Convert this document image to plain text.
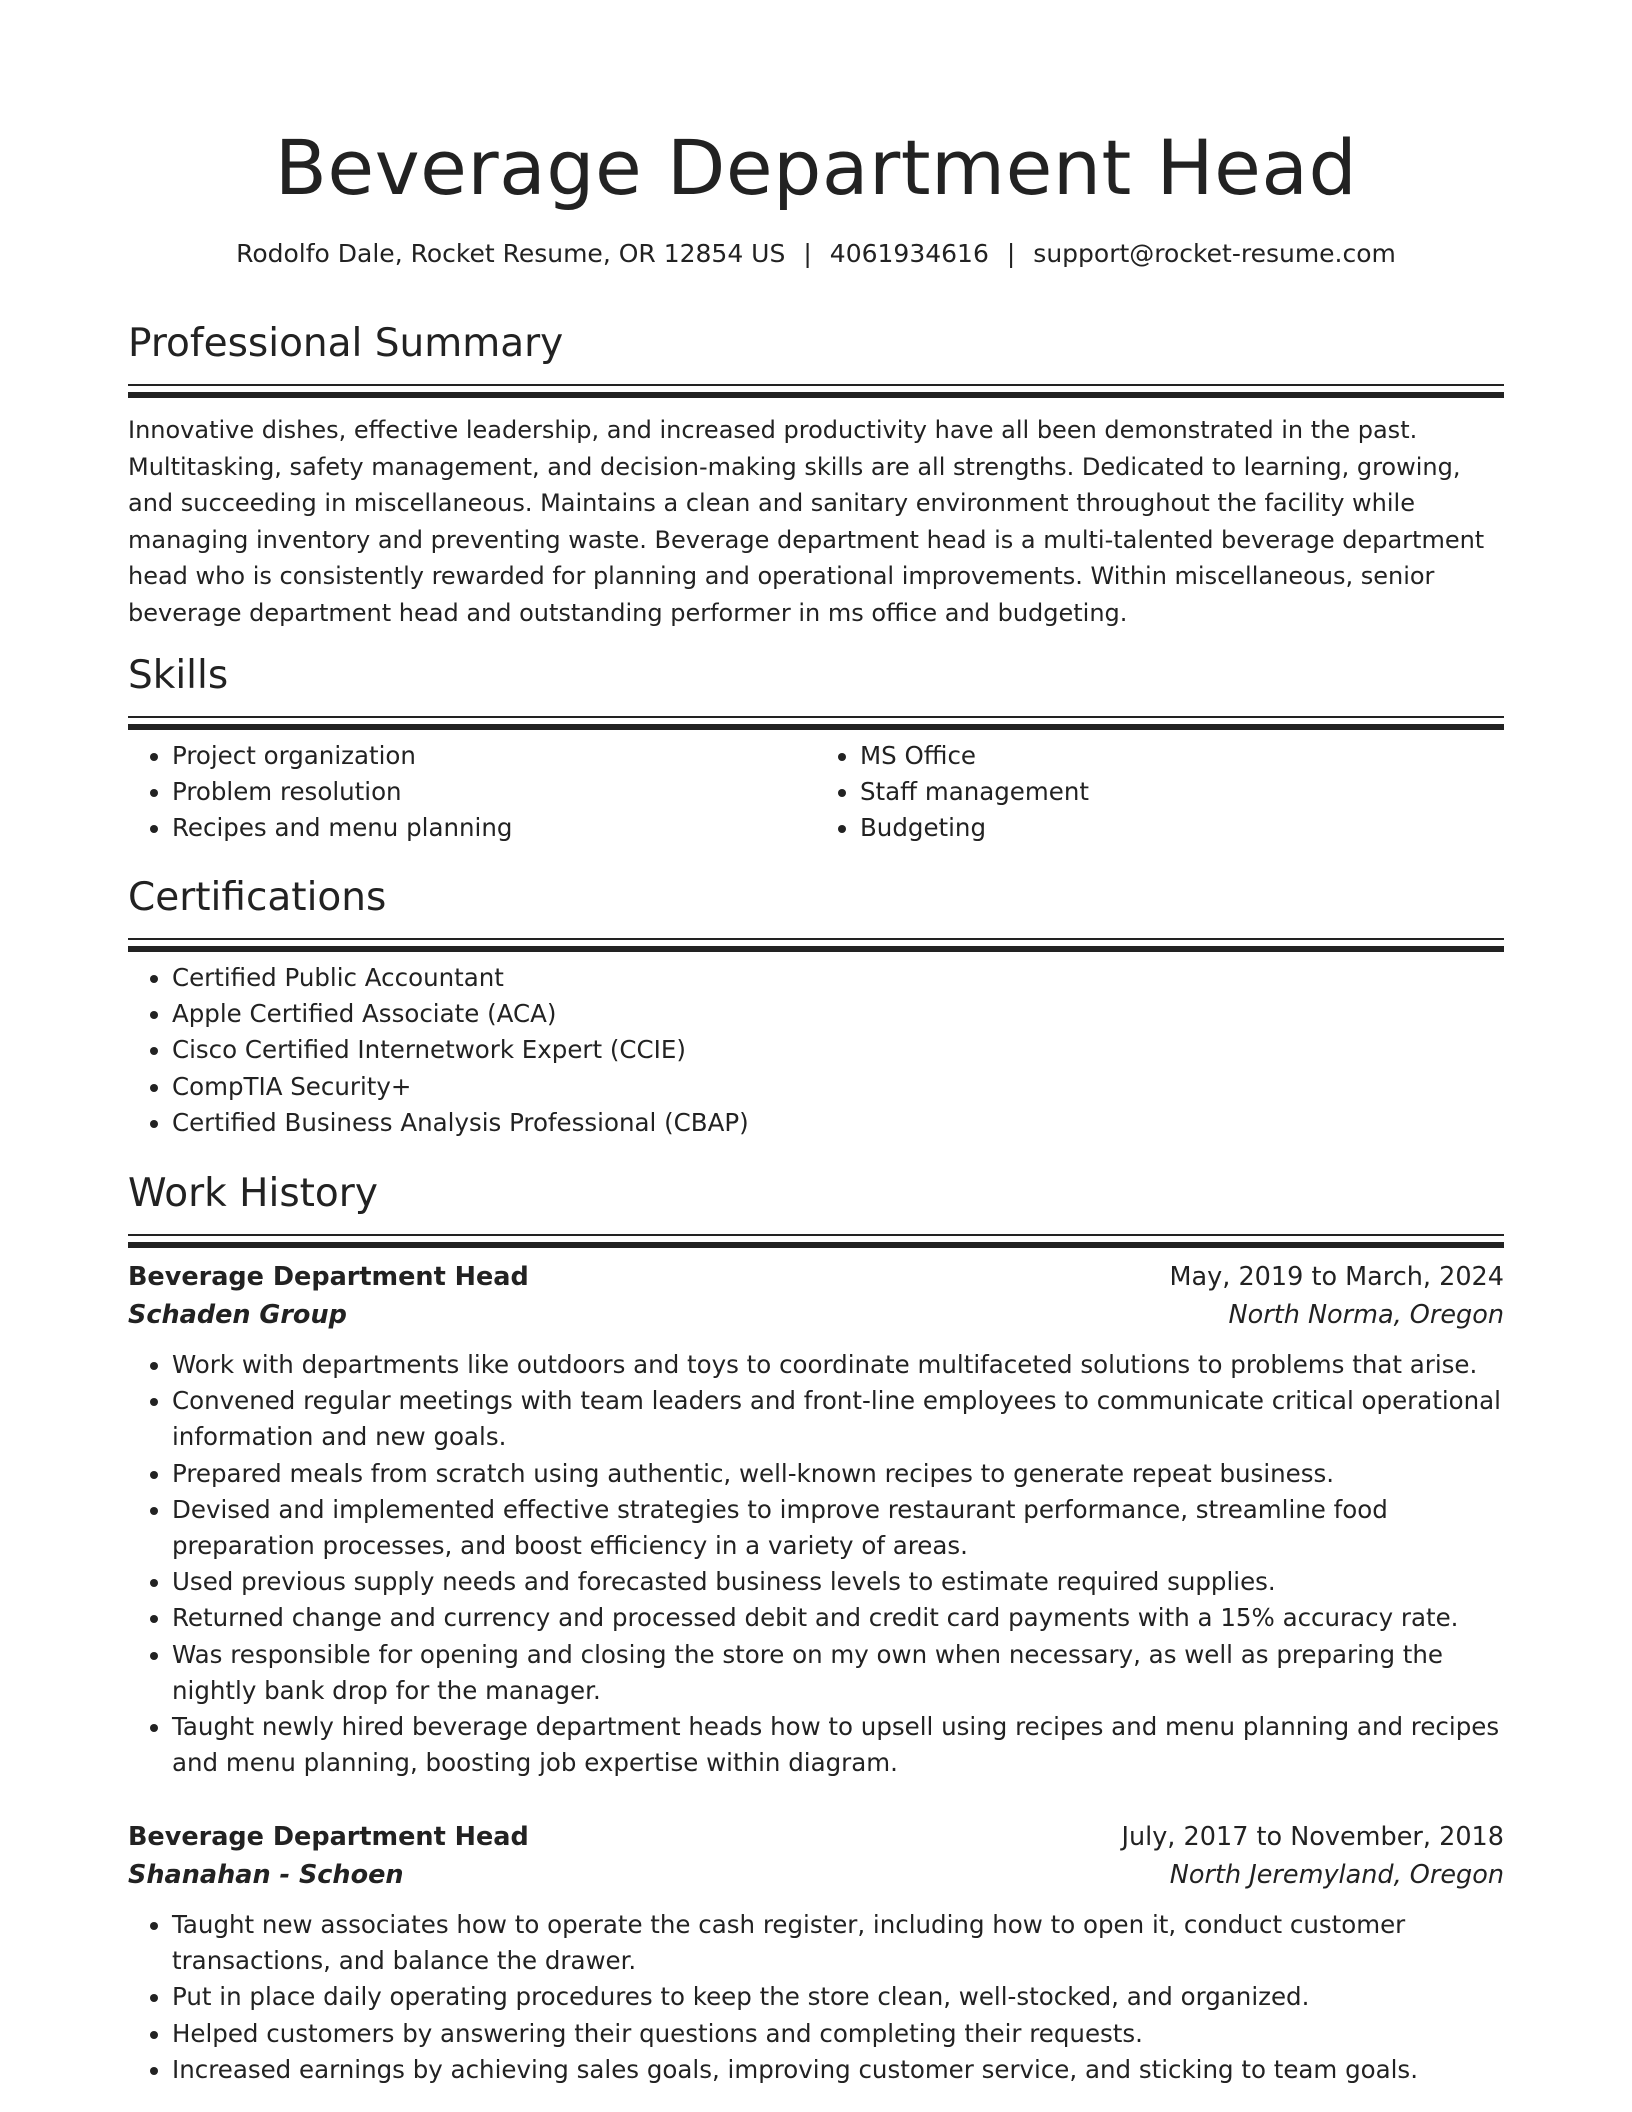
Beverage Department Head
Rodolfo Dale, Rocket Resume, OR 12854 US | 4061934616 | support@rocket-resume.com
Professional Summary

Innovative dishes, effective leadership, and increased productivity have all been demonstrated in the past. Multitasking, safety management, and decision-making skills are all strengths. Dedicated to learning, growing, and succeeding in miscellaneous. Maintains a clean and sanitary environment throughout the facility while managing inventory and preventing waste. Beverage department head is a multi-talented beverage department head who is consistently rewarded for planning and operational improvements. Within miscellaneous, senior beverage department head and outstanding performer in ms office and budgeting.

Skills
• Project organization
• Problem resolution
• Recipes and menu planning
• MS Office
• Staff management
• Budgeting
Certifications
• Certified Public Accountant
• Apple Certified Associate (ACA)
• Cisco Certified Internetwork Expert (CCIE)
• CompTIA Security+
• Certified Business Analysis Professional (CBAP)
Work History
Beverage Department Head	May, 2019 to March, 2024
Schaden Group	North Norma, Oregon
• Work with departments like outdoors and toys to coordinate multifaceted solutions to problems that arise.
• Convened regular meetings with team leaders and front-line employees to communicate critical operational information and new goals.
• Prepared meals from scratch using authentic, well-known recipes to generate repeat business.
• Devised and implemented effective strategies to improve restaurant performance, streamline food preparation processes, and boost efficiency in a variety of areas.
• Used previous supply needs and forecasted business levels to estimate required supplies.
• Returned change and currency and processed debit and credit card payments with a 15% accuracy rate.
• Was responsible for opening and closing the store on my own when necessary, as well as preparing the nightly bank drop for the manager.
• Taught newly hired beverage department heads how to upsell using recipes and menu planning and recipes and menu planning, boosting job expertise within diagram.
Beverage Department Head	July, 2017 to November, 2018
Shanahan - Schoen	North Jeremyland, Oregon
• Taught new associates how to operate the cash register, including how to open it, conduct customer transactions, and balance the drawer.
• Put in place daily operating procedures to keep the store clean, well-stocked, and organized.
• Helped customers by answering their questions and completing their requests.
• Increased earnings by achieving sales goals, improving customer service, and sticking to team goals.
